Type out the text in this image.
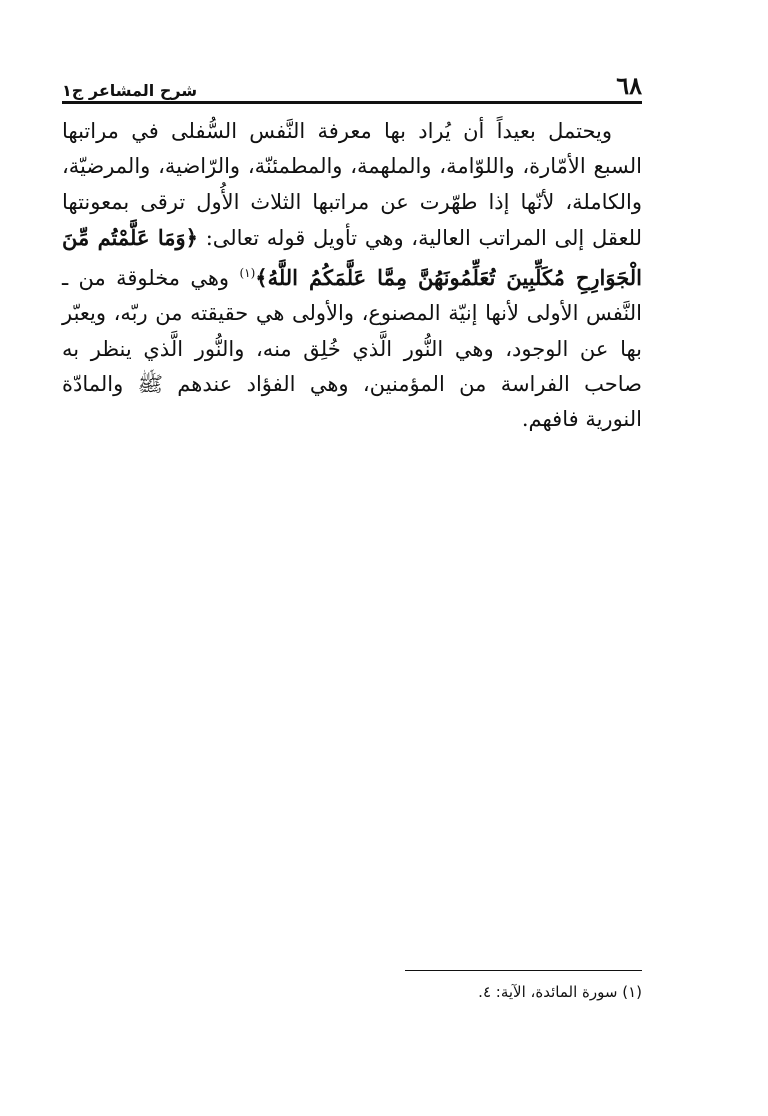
٦٨
شرح المشاعر ج١

ويحتمل بعيداً أن يُراد بها معرفة النَّفس السُّفلى في مراتبها السبع الأمّارة، واللوّامة، والملهمة، والمطمئنّة، والرّاضية، والمرضيّة، والكاملة، لأنّها إذا طهّرت عن مراتبها الثلاث الأُول ترقى بمعونتها للعقل إلى المراتب العالية، وهي تأويل قوله تعالى: ﴿وَمَا عَلَّمْتُم مِّنَ الْجَوَارِحِ مُكَلِّبِينَ تُعَلِّمُونَهُنَّ مِمَّا عَلَّمَكُمُ اللَّهُ﴾$^{(١)}$ وهي مخلوقة من ـ النَّفس الأولى لأنها إنيّة المصنوع، والأولى هي حقيقته من ربّه، ويعبّر بها عن الوجود، وهي النُّور الَّذي خُلِق منه، والنُّور الَّذي ينظر به صاحب الفراسة من المؤمنين، وهي الفؤاد عندهم ﷺ والمادّة النورية فافهم.

(١) سورة المائدة، الآية: ٤.
